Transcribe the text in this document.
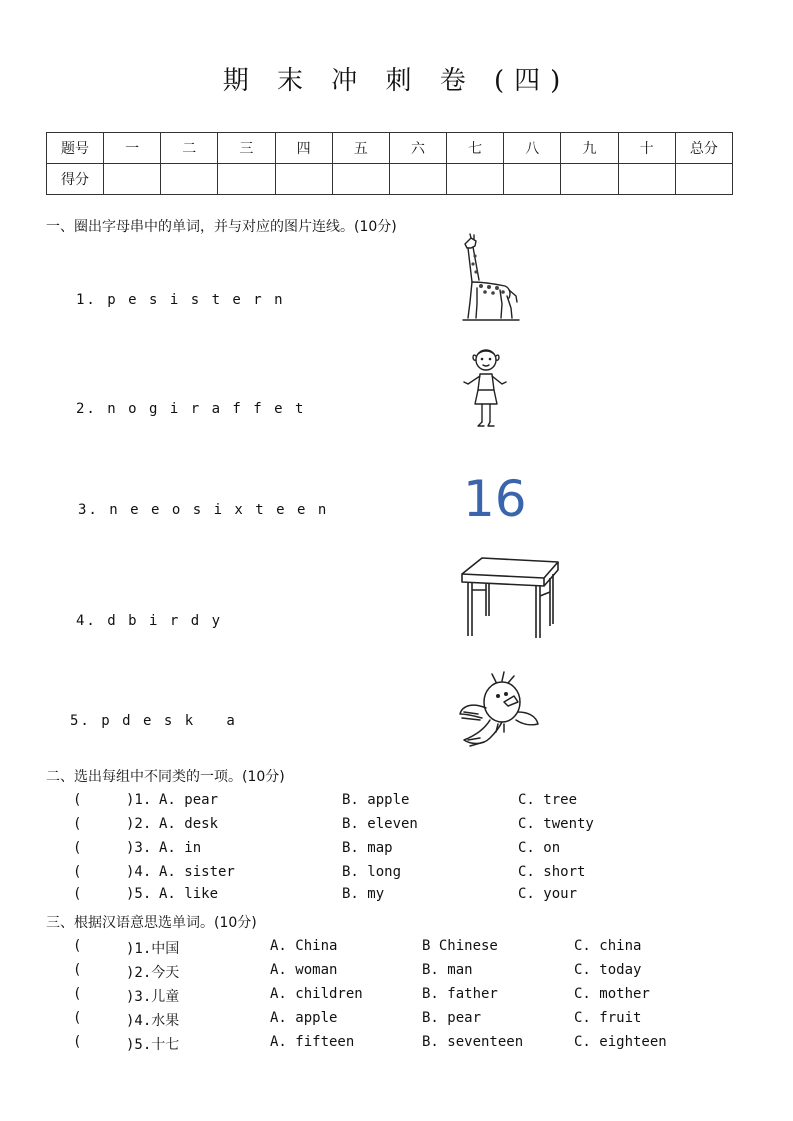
期 末 冲 刺 卷 (四)
题号	一	二	三	四	五	六	七	八	九	十	总分
得分											
一、圈出字母串中的单词，并与对应的图片连线。(10分)
1. p e s i s t e r n
2. n o g i r a f f e t
3. n e e o s i x t e e n
4. d b i r d y
5. p d e s k   a
16
二、选出每组中不同类的一项。(10分)
(	)1. A. pear	B. apple	C. tree
(	)2. A. desk	B. eleven	C. twenty
(	)3. A. in	B. map	C. on
(	)4. A. sister	B. long	C. short
(	)5. A. like	B. my	C. your
三、根据汉语意思选单词。(10分)
(	)1.中国	A. China	B Chinese	C. china
(	)2.今天	A. woman	B. man	C. today
(	)3.儿童	A. children	B. father	C. mother
(	)4.水果	A. apple	B. pear	C. fruit
(	)5.十七	A. fifteen	B. seventeen	C. eighteen
